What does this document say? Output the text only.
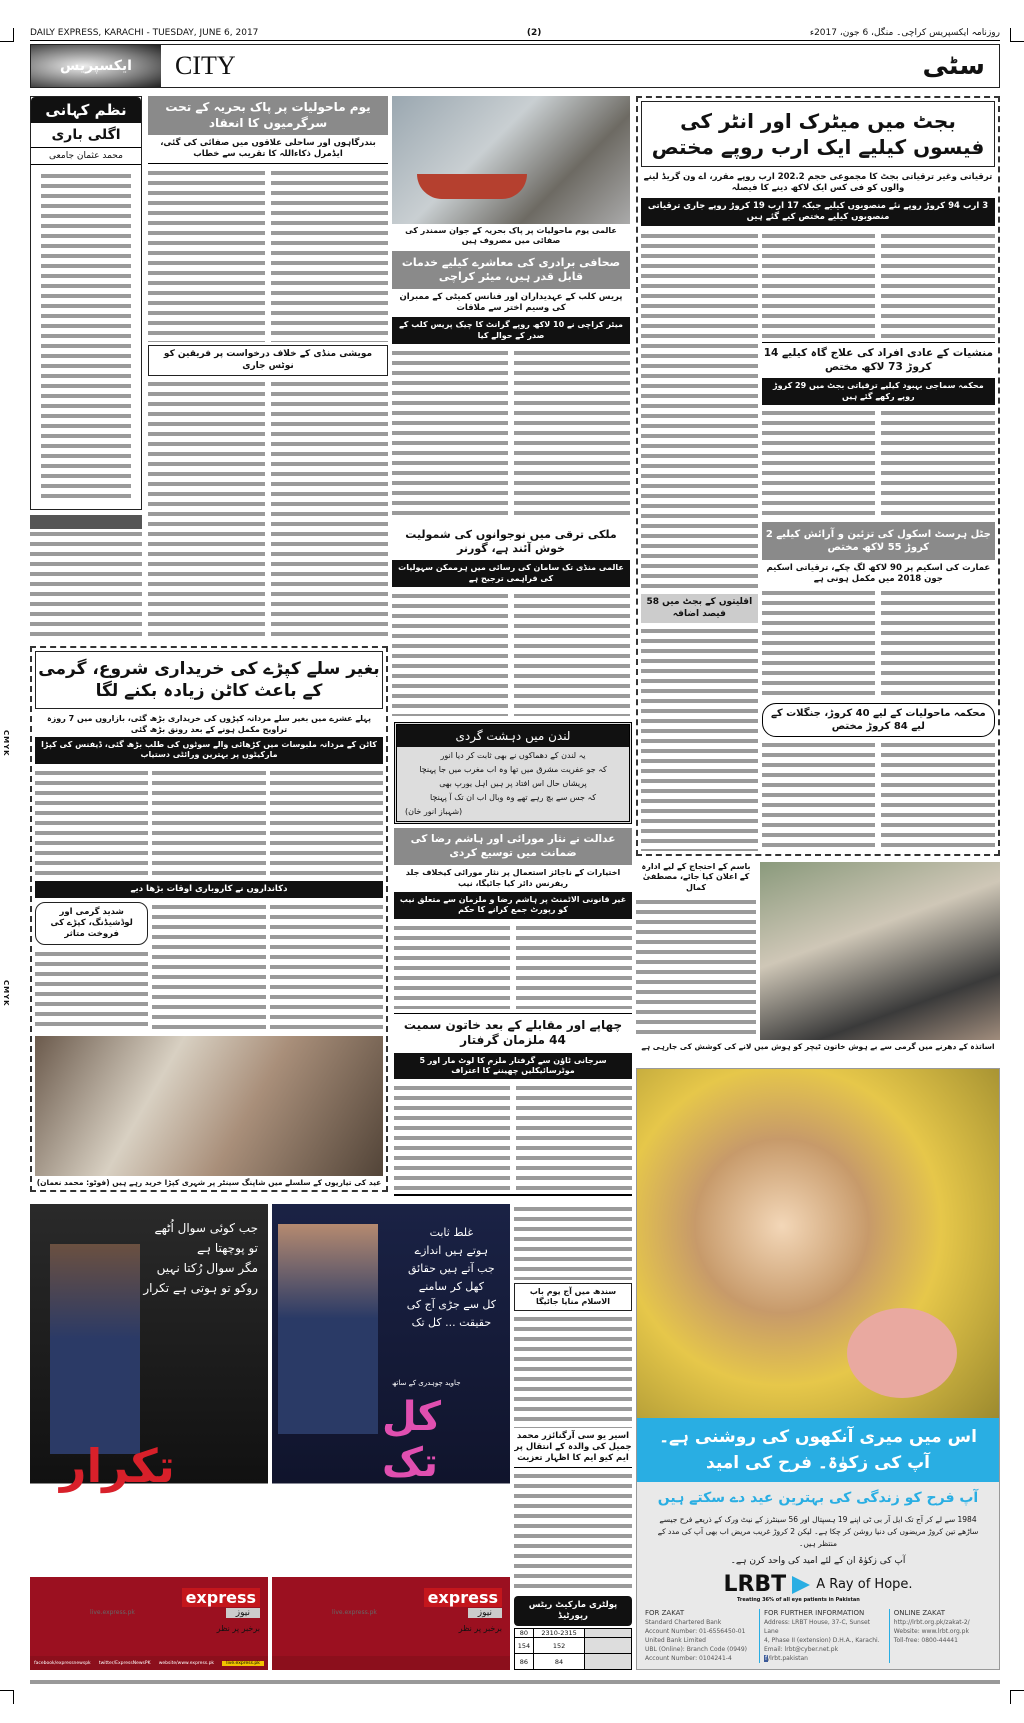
CMYK
CMYK
DAILY EXPRESS, KARACHI - TUESDAY, JUNE 6, 2017	(2)	روزنامہ ایکسپریس کراچی۔ منگل، 6 جون، 2017ء
ایکسپریس	CITY	سٹی
نظم کہانی
اگلی باری
محمد عثمان جامعی
یوم ماحولیات پر پاک بحریہ کے تحت سرگرمیوں کا انعقاد
بندرگاہوں اور ساحلی علاقوں میں صفائی کی گئی، ایڈمرل ذکاءاللہ کا تقریب سے خطاب
مویشی منڈی کے خلاف درخواست پر فریقین کو نوٹس جاری
عالمی یوم ماحولیات پر پاک بحریہ کے جوان سمندر کی صفائی میں مصروف ہیں
صحافی برادری کی معاشرے کیلیے خدمات قابل قدر ہیں، میئر کراچی
پریس کلب کے عہدیداران اور فنانس کمیٹی کے ممبران کی وسیم اختر سے ملاقات
میئر کراچی نے 10 لاکھ روپے گرانٹ کا چیک پریس کلب کے صدر کے حوالے کیا
ملکی ترقی میں نوجوانوں کی شمولیت خوش آئند ہے، گورنر
عالمی منڈی تک سامان کی رسائی میں ہرممکن سہولیات کی فراہمی ترجیح ہے
بجٹ میں میٹرک اور انٹر کی فیسوں کیلیے ایک ارب روپے مختص
ترقیاتی وغیر ترقیاتی بجٹ کا مجموعی حجم 202.2 ارب روپے مقرر، اے ون گریڈ لینے والوں کو فی کس ایک لاکھ دینے کا فیصلہ
3 ارب 94 کروڑ روپے نئے منصوبوں کیلیے جبکہ 17 ارب 19 کروڑ روپے جاری ترقیاتی منصوبوں کیلیے مختص کیے گئے ہیں
منشیات کے عادی افراد کی علاج گاہ کیلیے 14 کروڑ 73 لاکھ مختص
محکمہ سماجی بہبود کیلیے ترقیاتی بجٹ میں 29 کروڑ روپے رکھے گئے ہیں
جٹل ہرسٹ اسکول کی تزئین و آرائش کیلیے 2 کروڑ 55 لاکھ مختص
عمارت کی اسکیم پر 90 لاکھ لگ چکے، ترقیاتی اسکیم جون 2018 میں مکمل ہونی ہے
محکمہ ماحولیات کے لیے 40 کروڑ، جنگلات کے لیے 84 کروڑ مختص
اقلیتوں کے بجٹ میں 58 فیصد اضافہ
باسم کے احتجاج کے لیے ادارہ کے اعلان کیا جائے، مصطفیٰ کمال
اساتذہ کے دھرنے میں گرمی سے بے ہوش خاتون ٹیچر کو ہوش میں لانے کی کوشش کی جارہی ہے
بغیر سلے کپڑے کی خریداری شروع، گرمی کے باعث کاٹن زیادہ بکنے لگا
پہلے عشرے میں بغیر سلے مردانہ کپڑوں کی خریداری بڑھ گئی، بازاروں میں 7 روزہ تراویح مکمل ہونے کے بعد رونق بڑھ گئی
کاٹن کے مردانہ ملبوسات میں کڑھائی والے سوٹوں کی طلب بڑھ گئی، ڈیفنس کی کپڑا مارکیٹوں پر بہترین ورائٹی دستیاب
دکانداروں نے کاروباری اوقات بڑھا دیے
شدید گرمی اور لوڈشیڈنگ، کپڑے کی فروخت متاثر
عید کی تیاریوں کے سلسلے میں شاپنگ سینٹر پر شہری کپڑا خرید رہے ہیں (فوٹو: محمد نعمان)
لندن میں دہشت گردی
یہ لندن کے دھماکوں نے بھی ثابت کر دیا انور
کہ جو عفریت مشرق میں تھا وہ اب مغرب میں جا پہنچا
پریشاں حال اس افتاد پر ہیں اہل یورپ بھی
کہ جس سے بچ رہے تھے وہ وبال اب ان تک آ پہنچا
(شہباز انور خان)
عدالت نے نثار مورائی اور ہاشم رضا کی ضمانت میں توسیع کردی
اختیارات کے ناجائز استعمال پر نثار مورائی کیخلاف جلد ریفرنس دائر کیا جائیگا، نیب
غیر قانونی الاٹمنٹ پر ہاشم رضا و ملزمان سے متعلق نیب کو رپورٹ جمع کرانے کا حکم
چھاپے اور مقابلے کے بعد خاتون سمیت 44 ملزمان گرفتار
سرجانی ٹاؤن سے گرفتار ملزم کا لوٹ مار اور 5 موٹرسائیکلیں چھیننے کا اعتراف
جب کوئی سوال اُٹھے
تو پوچھتا ہے
مگر سوال رُکتا نہیں
روکو تو ہوتی ہے تکرار
تکرار
پیر سے بدھ
8:05 رات
1:05am & 11:05am نشر مکرر
express
نیوز
live.express.pk
برخبر پر نظر
facebook/expressnewspk twitter/ExpressNewsPK website/www.express.pk	live.express.pk
غلط ثابت
ہوتے ہیں اندازے
جب آتے ہیں حقائق
کھل کر سامنے
کل سے جڑی آج کی
حقیقت ... کل تک
جاوید چوہدری کے ساتھ
کل تک
پیر سے جمعرات
10:05 رات
2:05am & 2:05pm نشر مکرر
express
نیوز
live.express.pk
برخبر پر نظر
سندھ میں آج یوم باب الاسلام منایا جائیگا
اسیر یو سی آرگنائزر محمد جمیل کی والدہ کے انتقال پر ایم کیو ایم کا اظہار تعزیت
پولٹری مارکیٹ ریٹس رپورٹیڈ
80	2310-2315	
154	152	
86	84	
اس میں میری آنکھوں کی روشنی ہے۔
آپ کی زکوٰۃ۔ فرح کی امید
آپ فرح کو زندگی کی بہترین عید دے سکتے ہیں
1984 سے لے کر آج تک ایل آر بی ٹی اپنے 19 ہسپتال اور 56 سینٹرز کے نیٹ ورک کے ذریعے فرح جیسے ساڑھے تین کروڑ مریضوں کی دنیا روشن کر چکا ہے۔ لیکن 2 کروڑ غریب مریض اب بھی آپ کی مدد کے منتظر ہیں۔
آپ کی زکوٰۃ ان کے لئے امید کی واحد کرن ہے۔
LRBT A Ray of Hope.
Treating 36% of all eye patients in Pakistan
FOR ZAKAT
Standard Chartered Bank
Account Number: 01-6556450-01
United Bank Limited
UBL (Online): Branch Code (0949)
Account Number: 0104241-4
FOR FURTHER INFORMATION
Address: LRBT House, 37-C, Sunset Lane
4, Phase II (extension) D.H.A., Karachi.
Email: lrbt@cyber.net.pk
f/lrbt.pakistan
ONLINE ZAKAT
http://lrbt.org.pk/zakat-2/
Website: www.lrbt.org.pk
Toll-free: 0800-44441
